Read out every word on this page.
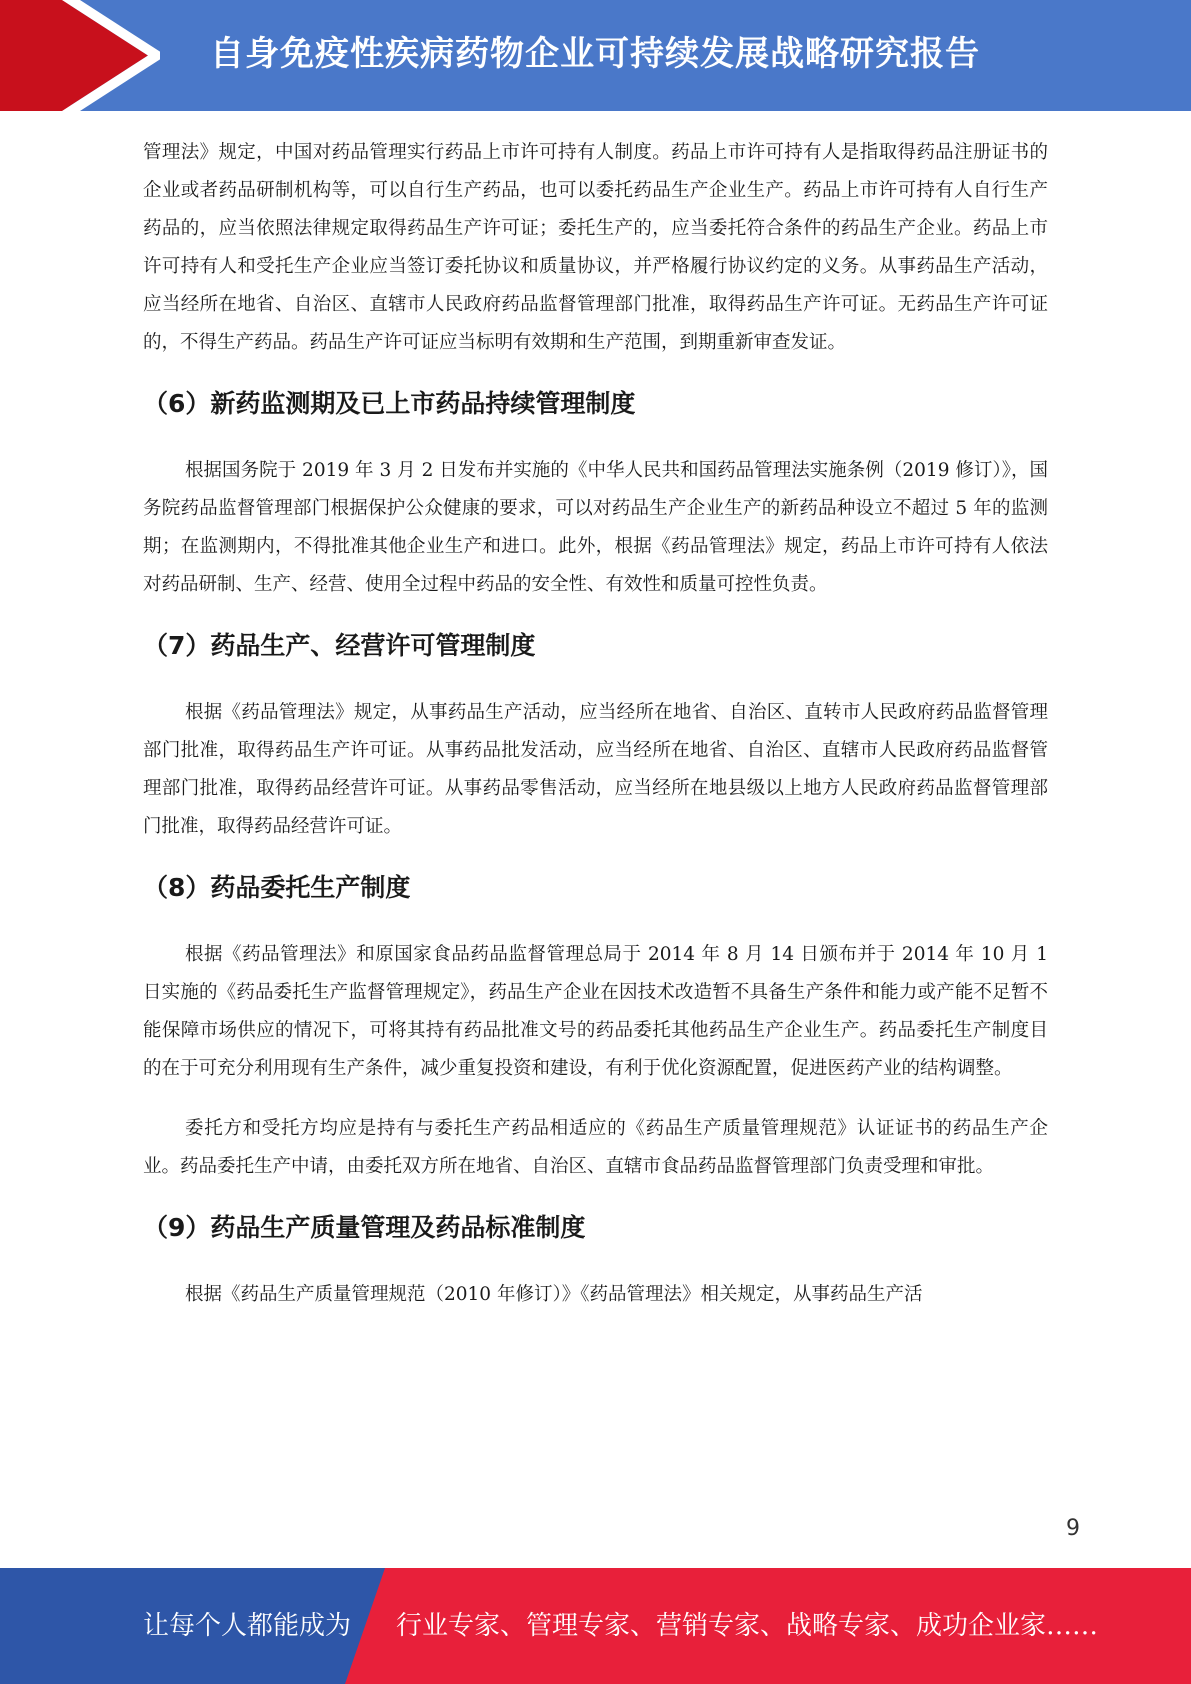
自身免疫性疾病药物企业可持续发展战略研究报告

管理法》规定，中国对药品管理实行药品上市许可持有人制度。药品上市许可持有人是指取得药品注册证书的企业或者药品研制机构等，可以自行生产药品，也可以委托药品生产企业生产。药品上市许可持有人自行生产药品的，应当依照法律规定取得药品生产许可证；委托生产的，应当委托符合条件的药品生产企业。药品上市许可持有人和受托生产企业应当签订委托协议和质量协议，并严格履行协议约定的义务。从事药品生产活动，应当经所在地省、自治区、直辖市人民政府药品监督管理部门批准，取得药品生产许可证。无药品生产许可证的，不得生产药品。药品生产许可证应当标明有效期和生产范围，到期重新审查发证。

（6）新药监测期及已上市药品持续管理制度

根据国务院于 2019 年 3 月 2 日发布并实施的《中华人民共和国药品管理法实施条例（2019 修订）》，国务院药品监督管理部门根据保护公众健康的要求，可以对药品生产企业生产的新药品种设立不超过 5 年的监测期；在监测期内，不得批准其他企业生产和进口。此外，根据《药品管理法》规定，药品上市许可持有人依法对药品研制、生产、经营、使用全过程中药品的安全性、有效性和质量可控性负责。

（7）药品生产、经营许可管理制度

根据《药品管理法》规定，从事药品生产活动，应当经所在地省、自治区、直转市人民政府药品监督管理部门批准，取得药品生产许可证。从事药品批发活动，应当经所在地省、自治区、直辖市人民政府药品监督管理部门批准，取得药品经营许可证。从事药品零售活动，应当经所在地县级以上地方人民政府药品监督管理部门批准，取得药品经营许可证。

（8）药品委托生产制度

根据《药品管理法》和原国家食品药品监督管理总局于 2014 年 8 月 14 日颁布并于 2014 年 10 月 1 日实施的《药品委托生产监督管理规定》，药品生产企业在因技术改造暂不具备生产条件和能力或产能不足暂不能保障市场供应的情况下，可将其持有药品批准文号的药品委托其他药品生产企业生产。药品委托生产制度目的在于可充分利用现有生产条件，减少重复投资和建设，有利于优化资源配置，促进医药产业的结构调整。

委托方和受托方均应是持有与委托生产药品相适应的《药品生产质量管理规范》认证证书的药品生产企业。药品委托生产中请，由委托双方所在地省、自治区、直辖市食品药品监督管理部门负责受理和审批。

（9）药品生产质量管理及药品标准制度

根据《药品生产质量管理规范（2010 年修订）》《药品管理法》相关规定，从事药品生产活

9
让每个人都能成为 行业专家、管理专家、营销专家、战略专家、成功企业家……
